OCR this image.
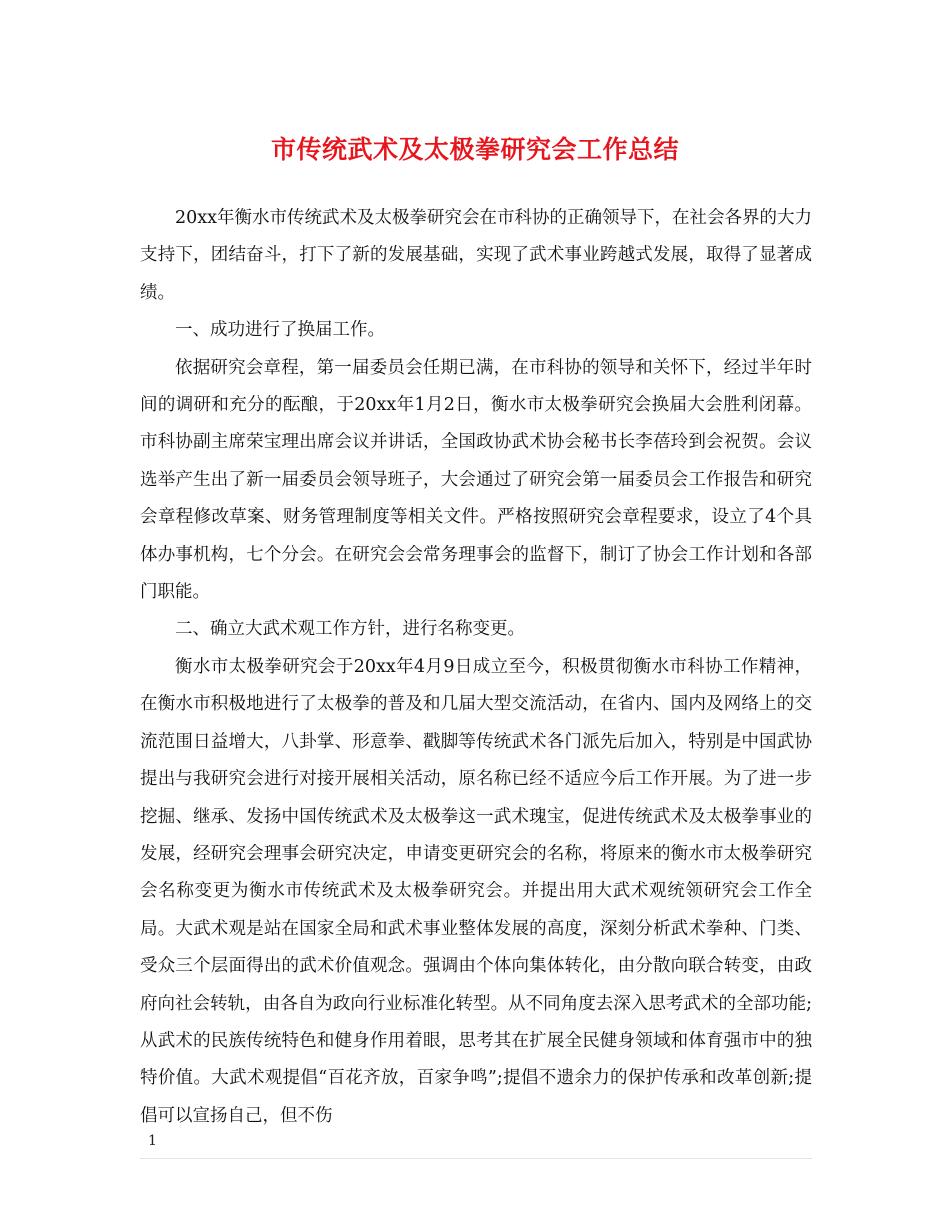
市传统武术及太极拳研究会工作总结

20xx年衡水市传统武术及太极拳研究会在市科协的正确领导下，在社会各界的大力支持下，团结奋斗，打下了新的发展基础，实现了武术事业跨越式发展，取得了显著成绩。

一、成功进行了换届工作。

依据研究会章程，第一届委员会任期已满，在市科协的领导和关怀下，经过半年时间的调研和充分的酝酿，于20xx年1月2日，衡水市太极拳研究会换届大会胜利闭幕。市科协副主席荣宝理出席会议并讲话，全国政协武术协会秘书长李蓓玲到会祝贺。会议选举产生出了新一届委员会领导班子，大会通过了研究会第一届委员会工作报告和研究会章程修改草案、财务管理制度等相关文件。严格按照研究会章程要求，设立了4个具体办事机构，七个分会。在研究会会常务理事会的监督下，制订了协会工作计划和各部门职能。

二、确立大武术观工作方针，进行名称变更。

衡水市太极拳研究会于20xx年4月9日成立至今，积极贯彻衡水市科协工作精神，在衡水市积极地进行了太极拳的普及和几届大型交流活动，在省内、国内及网络上的交流范围日益增大，八卦掌、形意拳、戳脚等传统武术各门派先后加入，特别是中国武协提出与我研究会进行对接开展相关活动，原名称已经不适应今后工作开展。为了进一步挖掘、继承、发扬中国传统武术及太极拳这一武术瑰宝，促进传统武术及太极拳事业的发展，经研究会理事会研究决定，申请变更研究会的名称，将原来的衡水市太极拳研究会名称变更为衡水市传统武术及太极拳研究会。并提出用大武术观统领研究会工作全局。大武术观是站在国家全局和武术事业整体发展的高度，深刻分析武术拳种、门类、受众三个层面得出的武术价值观念。强调由个体向集体转化，由分散向联合转变，由政府向社会转轨，由各自为政向行业标准化转型。从不同角度去深入思考武术的全部功能;从武术的民族传统特色和健身作用着眼，思考其在扩展全民健身领域和体育强市中的独特价值。大武术观提倡“百花齐放，百家争鸣”;提倡不遗余力的保护传承和改革创新;提倡可以宣扬自己，但不伤

1
